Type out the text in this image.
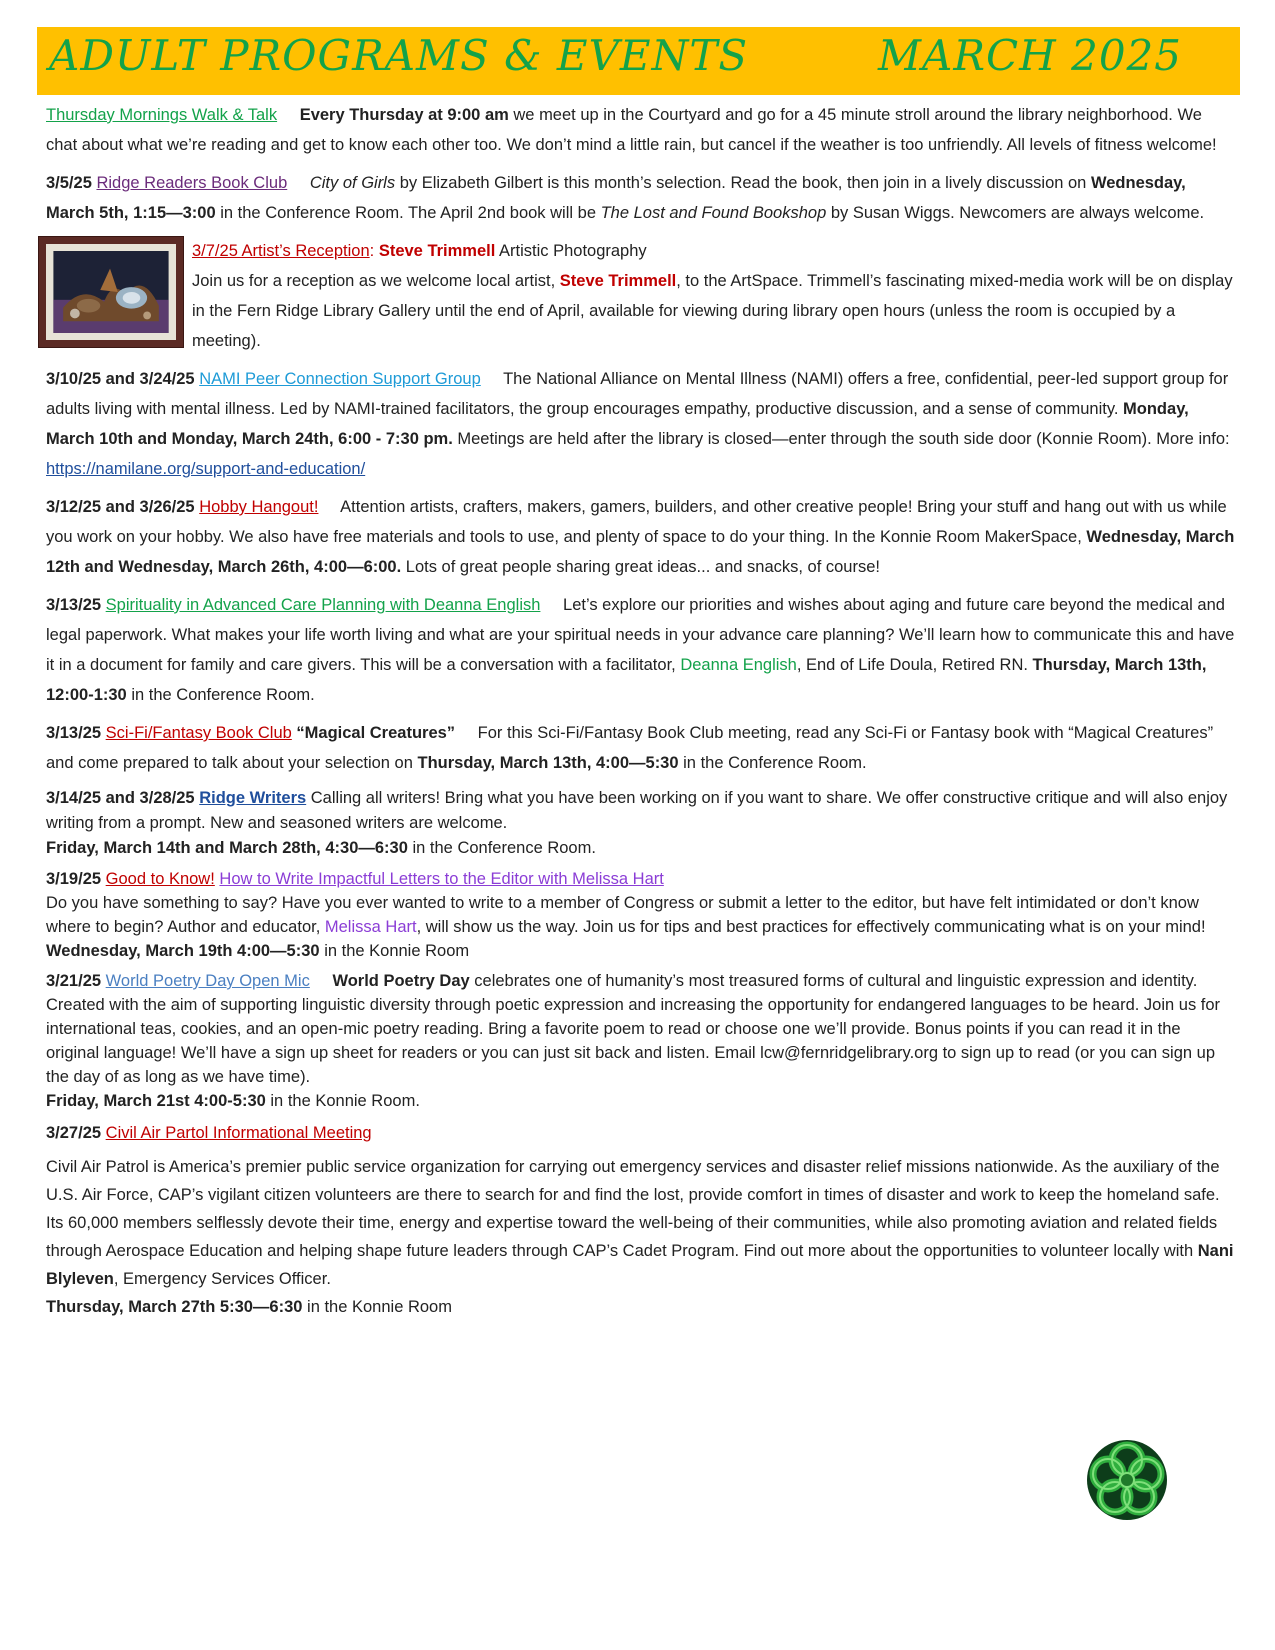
ADULT PROGRAMS & EVENTS	MARCH 2025

Thursday Mornings Walk & Talk Every Thursday at 9:00 am we meet up in the Courtyard and go for a 45 minute stroll around the library neighborhood. We chat about what we’re reading and get to know each other too. We don’t mind a little rain, but cancel if the weather is too unfriendly. All levels of fitness welcome!

3/5/25 Ridge Readers Book Club City of Girls by Elizabeth Gilbert is this month’s selection. Read the book, then join in a lively discussion on Wednesday, March 5th, 1:15—3:00 in the Conference Room. The April 2nd book will be The Lost and Found Bookshop by Susan Wiggs. Newcomers are always welcome.

3/7/25 Artist’s Reception: Steve Trimmell Artistic Photography
Join us for a reception as we welcome local artist, Steve Trimmell, to the ArtSpace. Trimmell’s fascinating mixed-media work will be on display in the Fern Ridge Library Gallery until the end of April, available for viewing during library open hours (unless the room is occupied by a meeting).

3/10/25 and 3/24/25 NAMI Peer Connection Support Group The National Alliance on Mental Illness (NAMI) offers a free, confidential, peer-led support group for adults living with mental illness. Led by NAMI-trained facilitators, the group encourages empathy, productive discussion, and a sense of community. Monday, March 10th and Monday, March 24th, 6:00 - 7:30 pm. Meetings are held after the library is closed—enter through the south side door (Konnie Room). More info: https://namilane.org/support-and-education/

3/12/25 and 3/26/25 Hobby Hangout! Attention artists, crafters, makers, gamers, builders, and other creative people! Bring your stuff and hang out with us while you work on your hobby. We also have free materials and tools to use, and plenty of space to do your thing. In the Konnie Room MakerSpace, Wednesday, March 12th and Wednesday, March 26th, 4:00—6:00. Lots of great people sharing great ideas... and snacks, of course!

3/13/25 Spirituality in Advanced Care Planning with Deanna English Let’s explore our priorities and wishes about aging and future care beyond the medical and legal paperwork. What makes your life worth living and what are your spiritual needs in your advance care planning? We’ll learn how to communicate this and have it in a document for family and care givers. This will be a conversation with a facilitator, Deanna English, End of Life Doula, Retired RN. Thursday, March 13th, 12:00-1:30 in the Conference Room.

3/13/25 Sci-Fi/Fantasy Book Club “Magical Creatures” For this Sci-Fi/Fantasy Book Club meeting, read any Sci-Fi or Fantasy book with “Magical Creatures” and come prepared to talk about your selection on Thursday, March 13th, 4:00—5:30 in the Conference Room.

3/14/25 and 3/28/25 Ridge Writers Calling all writers! Bring what you have been working on if you want to share. We offer constructive critique and will also enjoy writing from a prompt. New and seasoned writers are welcome.
Friday, March 14th and March 28th, 4:30—6:30 in the Conference Room.

3/19/25 Good to Know! How to Write Impactful Letters to the Editor with Melissa Hart
Do you have something to say? Have you ever wanted to write to a member of Congress or submit a letter to the editor, but have felt intimidated or don’t know where to begin? Author and educator, Melissa Hart, will show us the way. Join us for tips and best practices for effectively communicating what is on your mind!
Wednesday, March 19th 4:00—5:30 in the Konnie Room

3/21/25 World Poetry Day Open Mic World Poetry Day celebrates one of humanity’s most treasured forms of cultural and linguistic expression and identity. Created with the aim of supporting linguistic diversity through poetic expression and increasing the opportunity for endangered languages to be heard. Join us for international teas, cookies, and an open-mic poetry reading. Bring a favorite poem to read or choose one we’ll provide. Bonus points if you can read it in the original language! We’ll have a sign up sheet for readers or you can just sit back and listen. Email lcw@fernridgelibrary.org to sign up to read (or you can sign up the day of as long as we have time).
Friday, March 21st 4:00-5:30 in the Konnie Room.

3/27/25 Civil Air Partol Informational Meeting

Civil Air Patrol is America’s premier public service organization for carrying out emergency services and disaster relief missions nationwide. As the auxiliary of the U.S. Air Force, CAP’s vigilant citizen volunteers are there to search for and find the lost, provide comfort in times of disaster and work to keep the homeland safe. Its 60,000 members selflessly devote their time, energy and expertise toward the well-being of their communities, while also promoting aviation and related fields through Aerospace Education and helping shape future leaders through CAP’s Cadet Program. Find out more about the opportunities to volunteer locally with Nani Blyleven, Emergency Services Officer.
Thursday, March 27th 5:30—6:30 in the Konnie Room
